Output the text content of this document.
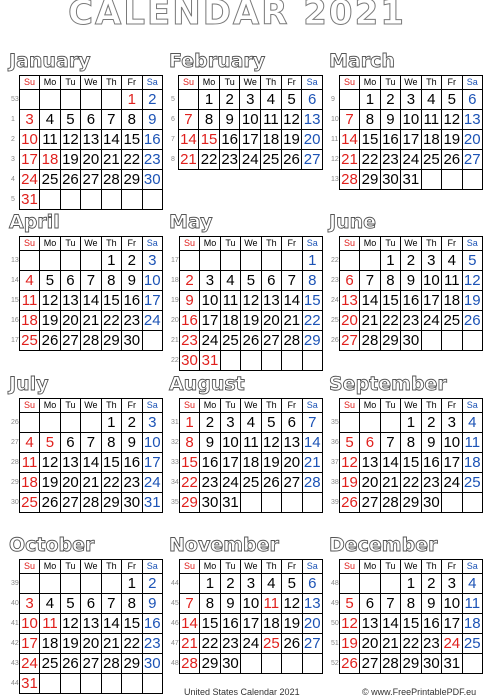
CALENDAR 2021
January
	Su	Mo	Tu	We	Th	Fr	Sa
53						1	2
1	3	4	5	6	7	8	9
2	10	11	12	13	14	15	16
3	17	18	19	20	21	22	23
4	24	25	26	27	28	29	30
5	31						
February
	Su	Mo	Tu	We	Th	Fr	Sa
5		1	2	3	4	5	6
6	7	8	9	10	11	12	13
7	14	15	16	17	18	19	20
8	21	22	23	24	25	26	27
March
	Su	Mo	Tu	We	Th	Fr	Sa
9		1	2	3	4	5	6
10	7	8	9	10	11	12	13
11	14	15	16	17	18	19	20
12	21	22	23	24	25	26	27
13	28	29	30	31			
April
	Su	Mo	Tu	We	Th	Fr	Sa
13					1	2	3
14	4	5	6	7	8	9	10
15	11	12	13	14	15	16	17
16	18	19	20	21	22	23	24
17	25	26	27	28	29	30	
May
	Su	Mo	Tu	We	Th	Fr	Sa
17							1
18	2	3	4	5	6	7	8
19	9	10	11	12	13	14	15
20	16	17	18	19	20	21	22
21	23	24	25	26	27	28	29
22	30	31					
June
	Su	Mo	Tu	We	Th	Fr	Sa
22			1	2	3	4	5
23	6	7	8	9	10	11	12
24	13	14	15	16	17	18	19
25	20	21	22	23	24	25	26
26	27	28	29	30			
July
	Su	Mo	Tu	We	Th	Fr	Sa
26					1	2	3
27	4	5	6	7	8	9	10
28	11	12	13	14	15	16	17
29	18	19	20	21	22	23	24
30	25	26	27	28	29	30	31
August
	Su	Mo	Tu	We	Th	Fr	Sa
31	1	2	3	4	5	6	7
32	8	9	10	11	12	13	14
33	15	16	17	18	19	20	21
34	22	23	24	25	26	27	28
35	29	30	31				
September
	Su	Mo	Tu	We	Th	Fr	Sa
35				1	2	3	4
36	5	6	7	8	9	10	11
37	12	13	14	15	16	17	18
38	19	20	21	22	23	24	25
39	26	27	28	29	30		
October
	Su	Mo	Tu	We	Th	Fr	Sa
39						1	2
40	3	4	5	6	7	8	9
41	10	11	12	13	14	15	16
42	17	18	19	20	21	22	23
43	24	25	26	27	28	29	30
44	31						
November
	Su	Mo	Tu	We	Th	Fr	Sa
44		1	2	3	4	5	6
45	7	8	9	10	11	12	13
46	14	15	16	17	18	19	20
47	21	22	23	24	25	26	27
48	28	29	30				
December
	Su	Mo	Tu	We	Th	Fr	Sa
48				1	2	3	4
49	5	6	7	8	9	10	11
50	12	13	14	15	16	17	18
51	19	20	21	22	23	24	25
52	26	27	28	29	30	31	
United States Calendar 2021	© www.FreePrintablePDF.eu
